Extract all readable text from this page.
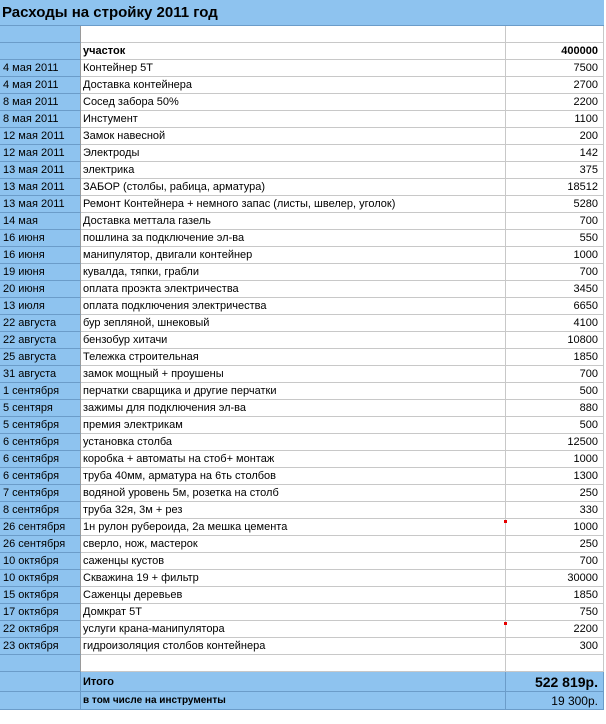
Расходы на стройку 2011 год
участок	400000
4 мая 2011	Контейнер 5Т	7500
4 мая 2011	Доставка контейнера	2700
8 мая 2011	Сосед забора 50%	2200
8 мая 2011	Инстумент	1100
12 мая 2011	Замок навесной	200
12 мая 2011	Электроды	142
13 мая 2011	электрика	375
13 мая 2011	ЗАБОР (столбы, рабица, арматура)	18512
13 мая 2011	Ремонт Контейнера + немного запас (листы, швелер, уголок)	5280
14 мая	Доставка меттала газель	700
16 июня	пошлина за подключение эл-ва	550
16 июня	манипулятор, двигали контейнер	1000
19 июня	кувалда, тяпки, грабли	700
20 июня	оплата проэкта электричества	3450
13 июля	оплата подключения электричества	6650
22 августа	бур зепляной, шнековый	4100
22 августа	бензобур хитачи	10800
25 августа	Тележка строительная	1850
31 августа	замок мощный + проушены	700
1 сентября	перчатки сварщика и другие перчатки	500
5 сентяря	зажимы для подключения эл-ва	880
5 сентября	премия электрикам	500
6 сентября	установка столба	12500
6 сентября	коробка + автоматы на стоб+ монтаж	1000
6 сентября	труба 40мм, арматура на 6ть столбов	1300
7 сентября	водяной уровень 5м, розетка на столб	250
8 сентября	труба 32я, 3м + рез	330
26 сентября	1н рулон рубероида, 2а мешка цемента	1000
26 сентября	сверло, нож, мастерок	250
10 октября	саженцы кустов	700
10 октября	Скважина 19 + фильтр	30000
15 октября	Саженцы деревьев	1850
17 октября	Домкрат 5Т	750
22 октября	услуги крана-манипулятора	2200
23 октября	гидроизоляция столбов контейнера	300
Итого	522 819р.
в том числе на инструменты	19 300р.
